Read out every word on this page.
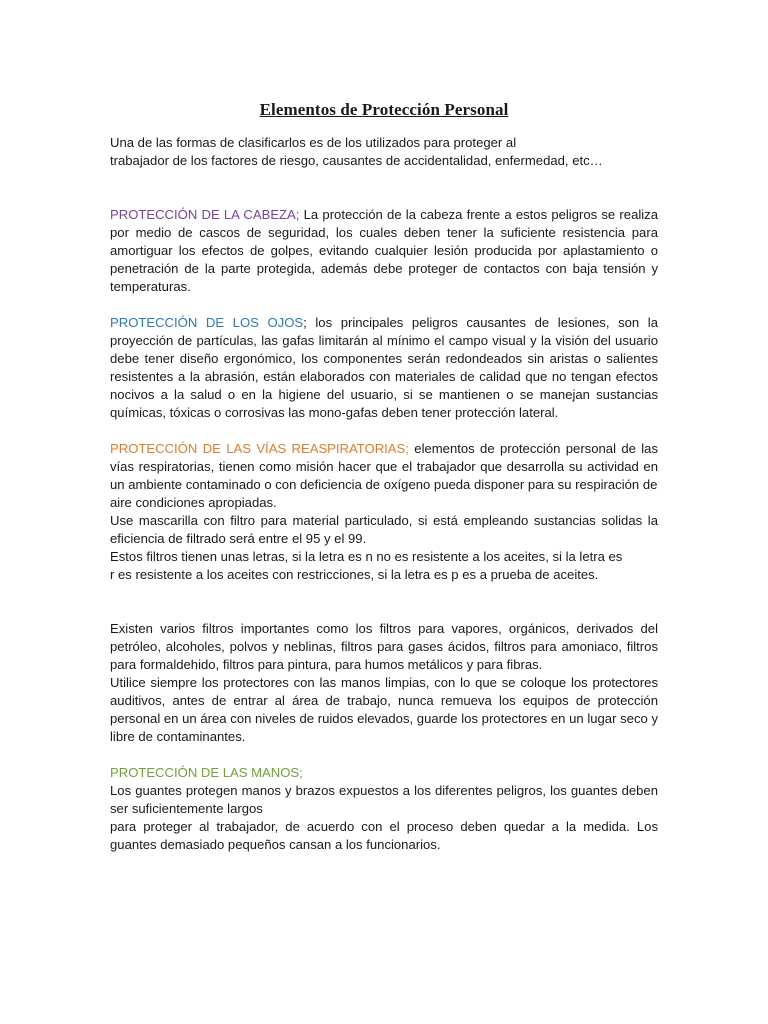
Elementos de Protección Personal

Una de las formas de clasificarlos es de los utilizados para proteger al
trabajador de los factores de riesgo, causantes de accidentalidad, enfermedad, etc…

PROTECCIÓN DE LA CABEZA; La protección de la cabeza frente a estos peligros se realiza por medio de cascos de seguridad, los cuales deben tener la suficiente resistencia para amortiguar los efectos de golpes, evitando cualquier lesión producida por aplastamiento o penetración de la parte protegida, además debe proteger de contactos con baja tensión y temperaturas.

PROTECCIÓN DE LOS OJOS; los principales peligros causantes de lesiones, son la proyección de partículas, las gafas limitarán al mínimo el campo visual y la visión del usuario debe tener diseño ergonómico, los componentes serán redondeados sin aristas o salientes resistentes a la abrasión, están elaborados con materiales de calidad que no tengan efectos nocivos a la salud o en la higiene del usuario, si se mantienen o se manejan sustancias químicas, tóxicas o corrosivas las mono-gafas deben tener protección lateral.

PROTECCIÓN DE LAS VÍAS REASPIRATORIAS; elementos de protección personal de las vías respiratorias, tienen como misión hacer que el trabajador que desarrolla su actividad en un ambiente contaminado o con deficiencia de oxígeno pueda disponer para su respiración de

aire condiciones apropiadas.

Use mascarilla con filtro para material particulado, si está empleando sustancias solidas la eficiencia de filtrado será entre el 95 y el 99.

Estos filtros tienen unas letras, si la letra es n no es resistente a los aceites, si la letra es
r es resistente a los aceites con restricciones, si la letra es p es a prueba de aceites.

Existen varios filtros importantes como los filtros para vapores, orgánicos, derivados del petróleo, alcoholes, polvos y neblinas, filtros para gases ácidos, filtros para amoniaco, filtros para formaldehido, filtros para pintura, para humos metálicos y para fibras.

Utilice siempre los protectores con las manos limpias, con lo que se coloque los protectores auditivos, antes de entrar al área de trabajo, nunca remueva los equipos de protección personal en un área con niveles de ruidos elevados, guarde los protectores en un lugar seco y libre de contaminantes.

PROTECCIÓN DE LAS MANOS;

Los guantes protegen manos y brazos expuestos a los diferentes peligros, los guantes deben ser suficientemente largos

para proteger al trabajador, de acuerdo con el proceso deben quedar a la medida. Los guantes demasiado pequeños cansan a los funcionarios.
